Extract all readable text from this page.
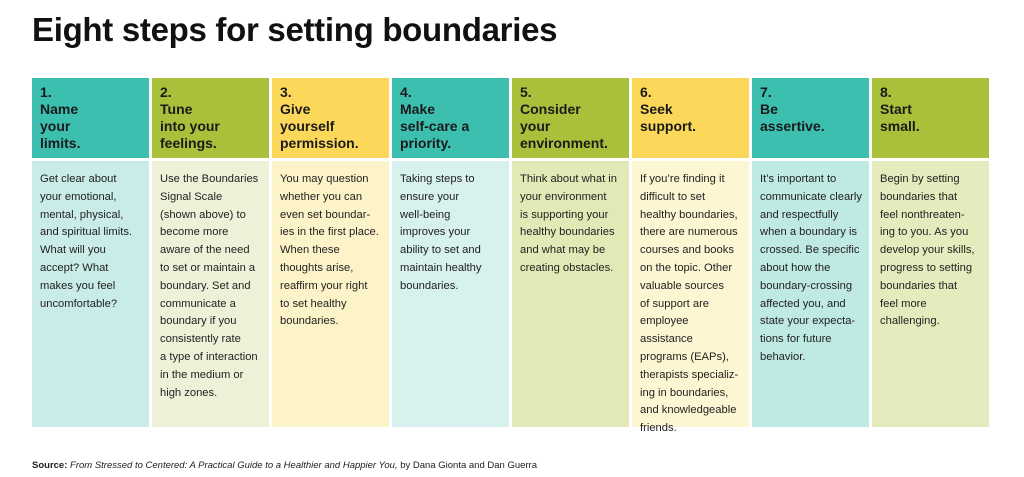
Eight steps for setting boundaries
1.
Name
your
limits.
Get clear about
your emotional,
mental, physical,
and spiritual limits.
What will you
accept? What
makes you feel
uncomfortable?
2.
Tune
into your
feelings.
Use the Boundaries
Signal Scale
(shown above) to
become more
aware of the need
to set or maintain a
boundary. Set and
communicate a
boundary if you
consistently rate
a type of interaction
in the medium or
high zones.
3.
Give
yourself
permission.
You may question
whether you can
even set boundar-
ies in the first place.
When these
thoughts arise,
reaffirm your right
to set healthy
boundaries.
4.
Make
self-care a
priority.
Taking steps to
ensure your
well-being
improves your
ability to set and
maintain healthy
boundaries.
5.
Consider
your
environment.
Think about what in
your environment
is supporting your
healthy boundaries
and what may be
creating obstacles.
6.
Seek
support.
If you’re finding it
difficult to set
healthy boundaries,
there are numerous
courses and books
on the topic. Other
valuable sources
of support are
employee assistance
programs (EAPs),
therapists specializ-
ing in boundaries,
and knowledgeable
friends.
7.
Be
assertive.
It’s important to
communicate clearly
and respectfully
when a boundary is
crossed. Be specific
about how the
boundary-crossing
affected you, and
state your expecta-
tions for future
behavior.
8.
Start
small.
Begin by setting
boundaries that
feel nonthreaten-
ing to you. As you
develop your skills,
progress to setting
boundaries that
feel more
challenging.
Source: From Stressed to Centered: A Practical Guide to a Healthier and Happier You, by Dana Gionta and Dan Guerra
